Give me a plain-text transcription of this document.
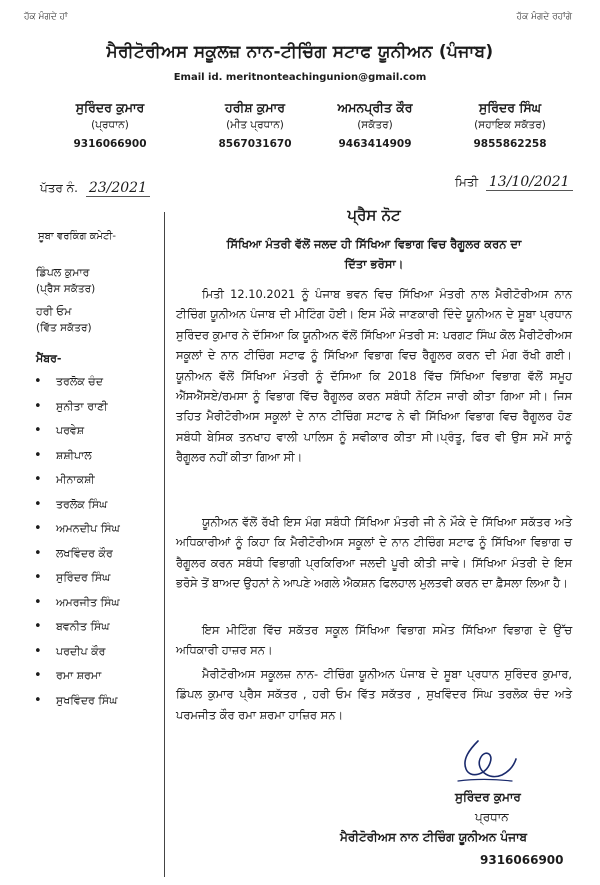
ਹੱਕ ਮੰਗਦੇ ਹਾਂ	ਹੱਕ ਮੰਗਦੇ ਰਹਾਂਗੇ
ਮੈਰੀਟੋਰੀਅਸ ਸਕੂਲਜ਼ ਨਾਨ-ਟੀਚਿੰਗ ਸਟਾਫ ਯੂਨੀਅਨ (ਪੰਜਾਬ)
Email id. meritnonteachingunion@gmail.com
ਸੁਰਿੰਦਰ ਕੁਮਾਰ
(ਪ੍ਰਧਾਨ)
9316066900
ਹਰੀਸ਼ ਕੁਮਾਰ
(ਮੀਤ ਪ੍ਰਧਾਨ)
8567031670
ਅਮਨਪ੍ਰੀਤ ਕੌਰ
(ਸਕੱਤਰ)
9463414909
ਸੁਰਿੰਦਰ ਸਿੰਘ
(ਸਹਾਇਕ ਸਕੱਤਰ)
9855862258
ਪੱਤਰ ਨੰ. 23/2021	ਮਿਤੀ 13/10/2021
ਸੂਬਾ ਵਰਕਿੰਗ ਕਮੇਟੀ-
ਡਿੰਪਲ ਕੁਮਾਰ
(ਪ੍ਰੈਸ ਸਕੱਤਰ)
ਹਰੀ ਓਮ
(ਵਿੱਤ ਸਕੱਤਰ)
ਮੈਂਬਰ-
• ਤਰਲੋਕ ਚੰਦ
• ਸੁਨੀਤਾ ਰਾਣੀ
• ਪਰਵੇਸ਼
• ਸ਼ਸ਼ੀਪਾਲ
• ਮੀਨਾਕਸ਼ੀ
• ਤਰਲੋਕ ਸਿੰਘ
• ਅਮਨਦੀਪ ਸਿੰਘ
• ਲਖਵਿੰਦਰ ਕੌਰ
• ਸੁਰਿੰਦਰ ਸਿੰਘ
• ਅਮਰਜੀਤ ਸਿੰਘ
• ਬਵਨੀਤ ਸਿੰਘ
• ਪਰਦੀਪ ਕੌਰ
• ਰਮਾ ਸ਼ਰਮਾ
• ਸੁਖਵਿੰਦਰ ਸਿੰਘ
ਪ੍ਰੈਸ ਨੋਟ
ਸਿੱਖਿਆ ਮੰਤਰੀ ਵੱਲੋਂ ਜਲਦ ਹੀ ਸਿੱਖਿਆ ਵਿਭਾਗ ਵਿਚ ਰੈਗੂਲਰ ਕਰਨ ਦਾ
ਦਿੱਤਾ ਭਰੋਸਾ।
ਮਿਤੀ 12.10.2021 ਨੂੰ ਪੰਜਾਬ ਭਵਨ ਵਿਚ ਸਿੱਖਿਆ ਮੰਤਰੀ ਨਾਲ ਮੈਰੀਟੋਰੀਅਸ ਨਾਨ ਟੀਚਿੰਗ ਯੂਨੀਅਨ ਪੰਜਾਬ ਦੀ ਮੀਟਿੰਗ ਹੋਈ। ਇਸ ਮੌਕੇ ਜਾਣਕਾਰੀ ਦਿੰਦੇ ਯੂਨੀਅਨ ਦੇ ਸੂਬਾ ਪ੍ਰਧਾਨ ਸੁਰਿੰਦਰ ਕੁਮਾਰ ਨੇ ਦੱਸਿਆ ਕਿ ਯੂਨੀਅਨ ਵੱਲੋਂ ਸਿੱਖਿਆ ਮੰਤਰੀ ਸ: ਪਰਗਟ ਸਿੰਘ ਕੋਲ ਮੈਰੀਟੋਰੀਅਸ ਸਕੂਲਾਂ ਦੇ ਨਾਨ ਟੀਚਿੰਗ ਸਟਾਫ ਨੂੰ ਸਿੱਖਿਆ ਵਿਭਾਗ ਵਿਚ ਰੈਗੂਲਰ ਕਰਨ ਦੀ ਮੰਗ ਰੱਖੀ ਗਈ। ਯੂਨੀਅਨ ਵੱਲੋਂ ਸਿੱਖਿਆ ਮੰਤਰੀ ਨੂੰ ਦੱਸਿਆ ਕਿ 2018 ਵਿੱਚ ਸਿੱਖਿਆ ਵਿਭਾਗ ਵੱਲੋਂ ਸਮੂਹ ਐੱਸਐੱਸਏ/ਰਮਸਾ ਨੂੰ ਵਿਭਾਗ ਵਿੱਚ ਰੈਗੂਲਰ ਕਰਨ ਸਬੰਧੀ ਨੋਟਿਸ ਜਾਰੀ ਕੀਤਾ ਗਿਆ ਸੀ। ਜਿਸ ਤਹਿਤ ਮੈਰੀਟੋਰੀਅਸ ਸਕੂਲਾਂ ਦੇ ਨਾਨ ਟੀਚਿੰਗ ਸਟਾਫ ਨੇ ਵੀ ਸਿੱਖਿਆ ਵਿਭਾਗ ਵਿਚ ਰੈਗੂਲਰ ਹੋਣ ਸਬੰਧੀ ਬੇਸਿਕ ਤਨਖਾਹ ਵਾਲੀ ਪਾਲਿਸ ਨੂੰ ਸਵੀਕਾਰ ਕੀਤਾ ਸੀ।ਪ੍ਰੰਤੂ, ਫਿਰ ਵੀ ਉਸ ਸਮੇਂ ਸਾਨੂੰ ਰੈਗੂਲਰ ਨਹੀਂ ਕੀਤਾ ਗਿਆ ਸੀ।
ਯੂਨੀਅਨ ਵੱਲੋਂ ਰੱਖੀ ਇਸ ਮੰਗ ਸਬੰਧੀ ਸਿੱਖਿਆ ਮੰਤਰੀ ਜੀ ਨੇ ਮੌਕੇ ਦੇ ਸਿੱਖਿਆ ਸਕੱਤਰ ਅਤੇ ਅਧਿਕਾਰੀਆਂ ਨੂੰ ਕਿਹਾ ਕਿ ਮੈਰੀਟੋਰੀਅਸ ਸਕੂਲਾਂ ਦੇ ਨਾਨ ਟੀਚਿੰਗ ਸਟਾਫ ਨੂੰ ਸਿੱਖਿਆ ਵਿਭਾਗ ਚ ਰੈਗੂਲਰ ਕਰਨ ਸਬੰਧੀ ਵਿਭਾਗੀ ਪ੍ਰਕਿਰਿਆ ਜਲਦੀ ਪੂਰੀ ਕੀਤੀ ਜਾਵੇ। ਸਿੱਖਿਆ ਮੰਤਰੀ ਦੇ ਇਸ ਭਰੋਸੇ ਤੋਂ ਬਾਅਦ ਉਹਨਾਂ ਨੇ ਆਪਣੇ ਅਗਲੇ ਐਕਸ਼ਨ ਫਿਲਹਾਲ ਮੁਲਤਵੀ ਕਰਨ ਦਾ ਫ਼ੈਸਲਾ ਲਿਆ ਹੈ।
ਇਸ ਮੀਟਿੰਗ ਵਿੱਚ ਸਕੱਤਰ ਸਕੂਲ ਸਿੱਖਿਆ ਵਿਭਾਗ ਸਮੇਤ ਸਿੱਖਿਆ ਵਿਭਾਗ ਦੇ ਉੱਚ ਅਧਿਕਾਰੀ ਹਾਜ਼ਰ ਸਨ।
ਮੈਰੀਟੋਰੀਅਸ ਸਕੂਲਜ਼ ਨਾਨ- ਟੀਚਿੰਗ ਯੂਨੀਅਨ ਪੰਜਾਬ ਦੇ ਸੂਬਾ ਪ੍ਰਧਾਨ ਸੁਰਿੰਦਰ ਕੁਮਾਰ, ਡਿੰਪਲ ਕੁਮਾਰ ਪ੍ਰੈਸ ਸਕੱਤਰ , ਹਰੀ ਓਮ ਵਿੱਤ ਸਕੱਤਰ , ਸੁਖਵਿੰਦਰ ਸਿੰਘ ਤਰਲੋਕ ਚੰਦ ਅਤੇ ਪਰਮਜੀਤ ਕੌਰ ਰਮਾ ਸ਼ਰਮਾ ਹਾਜ਼ਿਰ ਸਨ।
ਸੁਰਿੰਦਰ ਕੁਮਾਰ
ਪ੍ਰਧਾਨ
ਮੈਰੀਟੋਰੀਅਸ ਨਾਨ ਟੀਚਿੰਗ ਯੂਨੀਅਨ ਪੰਜਾਬ
9316066900
